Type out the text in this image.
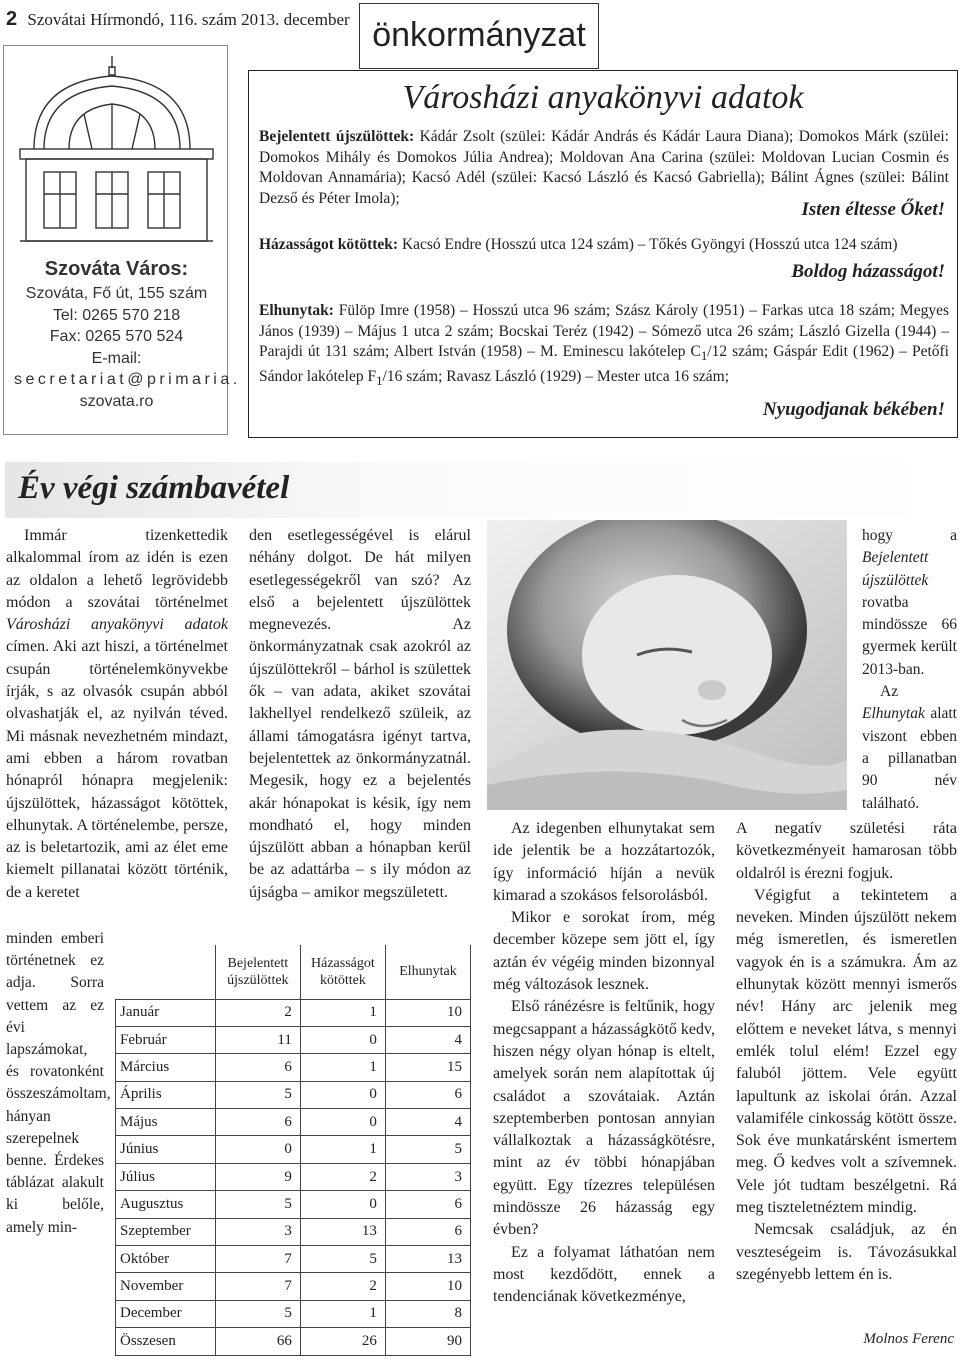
2 Szovátai Hírmondó, 116. szám 2013. december önkormányzat
Szováta Város:
Szováta, Fő út, 155 szám
Tel: 0265 570 218
Fax: 0265 570 524
E-mail:
secretariat@primaria.
szovata.ro
Városházi anyakönyvi adatok
Bejelentett újszülöttek: Kádár Zsolt (szülei: Kádár András és Kádár Laura Diana); Domokos Márk (szülei: Domokos Mihály és Domokos Júlia Andrea); Moldovan Ana Carina (szülei: Moldovan Lucian Cosmin és Moldovan Annamária); Kacsó Adél (szülei: Kacsó László és Kacsó Gabriella); Bálint Ágnes (szülei: Bálint Dezső és Péter Imola);
Isten éltesse Őket!
Házasságot kötöttek: Kacsó Endre (Hosszú utca 124 szám) – Tőkés Gyöngyi (Hosszú utca 124 szám)
Boldog házasságot!
Elhunytak: Fülöp Imre (1958) – Hosszú utca 96 szám; Szász Károly (1951) – Farkas utca 18 szám; Megyes János (1939) – Május 1 utca 2 szám; Bocskai Teréz (1942) – Sómező utca 26 szám; László Gizella (1944) – Parajdi út 131 szám; Albert István (1958) – M. Eminescu lakótelep $C_1/12$ szám; Gáspár Edit (1962) – Petőfi Sándor lakótelep $F_1/16$ szám; Ravasz László (1929) – Mester utca 16 szám;
Nyugodjanak békében!
Év végi számbavétel

Immár tizenkettedik alkalommal írom az idén is ezen az oldalon a lehető legrövidebb módon a szovátai történelmet Városházi anyakönyvi adatok címen. Aki azt hiszi, a történelmet csupán történelemkönyvekbe írják, s az olvasók csupán abból olvashatják el, az nyilván téved. Mi másnak nevezhetném mindazt, ami ebben a három rovatban hónapról hónapra megjelenik: újszülöttek, házasságot kötöttek, elhunytak. A történelembe, persze, az is beletartozik, ami az élet eme kiemelt pillanatai között történik, de a keretet

minden emberi történetnek ez adja. Sorra vettem az ez évi lapszámokat, és rovatonként összeszámoltam, hányan szerepelnek benne. Érdekes táblázat alakult ki belőle, amely min-

den esetlegességével is elárul néhány dolgot. De hát milyen esetlegességekről van szó? Az első a bejelentett újszülöttek megnevezés. Az önkormányzatnak csak azokról az újszülöttekről – bárhol is születtek ők – van adata, akiket szovátai lakhellyel rendelkező szüleik, az állami támogatásra igényt tartva, bejelentettek az önkormányzatnál. Megesik, hogy ez a bejelentés akár hónapokat is késik, így nem mondható el, hogy minden újszülött abban a hónapban kerül be az adattárba – s ily módon az újságba – amikor megszületett.

Az idegenben elhunytakat sem ide jelentik be a hozzátartozók, így információ híján a nevük kimarad a szokásos felsorolásból.

Mikor e sorokat írom, még december közepe sem jött el, így aztán év végéig minden bizonnyal még változások lesznek.

Első ránézésre is feltűnik, hogy megcsappant a házasságkötő kedv, hiszen négy olyan hónap is eltelt, amelyek során nem alapítottak új családot a szovátaiak. Aztán szeptemberben pontosan annyian vállalkoztak a házasságkötésre, mint az év többi hónapjában együtt. Egy tízezres településen mindössze 26 házasság egy évben?

Ez a folyamat láthatóan nem most kezdődött, ennek a tendenciának következménye,

hogy a Bejelentett újszülöttek rovatba mindössze 66 gyermek került 2013-ban.

Az Elhunytak alatt viszont ebben a pillanatban 90 név található.

A negatív születési ráta következményeit hamarosan több oldalról is érezni fogjuk.

Végigfut a tekintetem a neveken. Minden újszülött nekem még ismeretlen, és ismeretlen vagyok én is a számukra. Ám az elhunytak között mennyi ismerős név! Hány arc jelenik meg előttem e neveket látva, s mennyi emlék tolul elém! Ezzel egy faluból jöttem. Vele együtt lapultunk az iskolai órán. Azzal valamiféle cinkosság kötött össze. Sok éve munkatársként ismertem meg. Ő kedves volt a szívemnek. Vele jót tudtam beszélgetni. Rá meg tiszteletnéztem mindig.

Nemcsak családjuk, az én veszteségeim is. Távozásukkal szegényebb lettem én is.

Molnos Ferenc
	Bejelentett újszülöttek	Házasságot kötöttek	Elhunytak
Január	2	1	10
Február	11	0	4
Március	6	1	15
Április	5	0	6
Május	6	0	4
Június	0	1	5
Július	9	2	3
Augusztus	5	0	6
Szeptember	3	13	6
Október	7	5	13
November	7	2	10
December	5	1	8
Összesen	66	26	90
